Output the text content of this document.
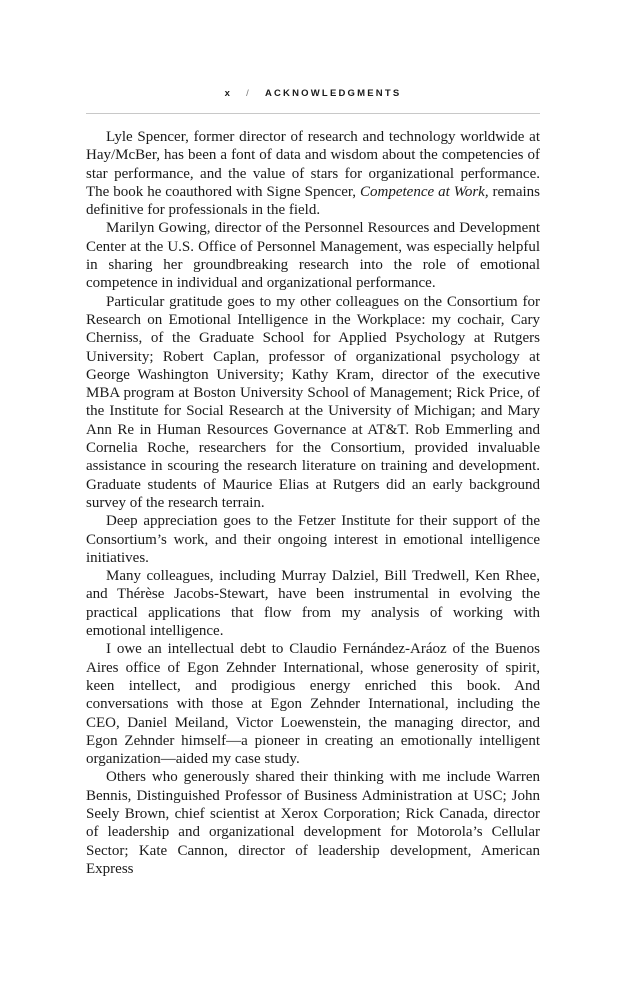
x / ACKNOWLEDGMENTS

Lyle Spencer, former director of research and technology worldwide at Hay/McBer, has been a font of data and wisdom about the competencies of star performance, and the value of stars for organizational performance. The book he coauthored with Signe Spencer, Competence at Work, remains definitive for professionals in the field.

Marilyn Gowing, director of the Personnel Resources and Development Center at the U.S. Office of Personnel Management, was especially helpful in sharing her groundbreaking research into the role of emotional competence in individual and organizational performance.

Particular gratitude goes to my other colleagues on the Consortium for Research on Emotional Intelligence in the Workplace: my cochair, Cary Cherniss, of the Graduate School for Applied Psychology at Rutgers University; Robert Caplan, professor of organizational psychology at George Washington University; Kathy Kram, director of the executive MBA program at Boston University School of Management; Rick Price, of the Institute for Social Research at the University of Michigan; and Mary Ann Re in Human Resources Governance at AT&T. Rob Emmerling and Cornelia Roche, researchers for the Consortium, provided invaluable assistance in scouring the research literature on training and development. Graduate students of Maurice Elias at Rutgers did an early background survey of the research terrain.

Deep appreciation goes to the Fetzer Institute for their support of the Consortium’s work, and their ongoing interest in emotional intelligence initiatives.

Many colleagues, including Murray Dalziel, Bill Tredwell, Ken Rhee, and Thérèse Jacobs-Stewart, have been instrumental in evolving the practical applications that flow from my analysis of working with emotional intelligence.

I owe an intellectual debt to Claudio Fernández-Aráoz of the Buenos Aires office of Egon Zehnder International, whose generosity of spirit, keen intellect, and prodigious energy enriched this book. And conversations with those at Egon Zehnder International, including the CEO, Daniel Meiland, Victor Loewenstein, the managing director, and Egon Zehnder himself—a pioneer in creating an emotionally intelligent organization—aided my case study.

Others who generously shared their thinking with me include Warren Bennis, Distinguished Professor of Business Administration at USC; John Seely Brown, chief scientist at Xerox Corporation; Rick Canada, director of leadership and organizational development for Motorola’s Cellular Sector; Kate Cannon, director of leadership development, American Express
